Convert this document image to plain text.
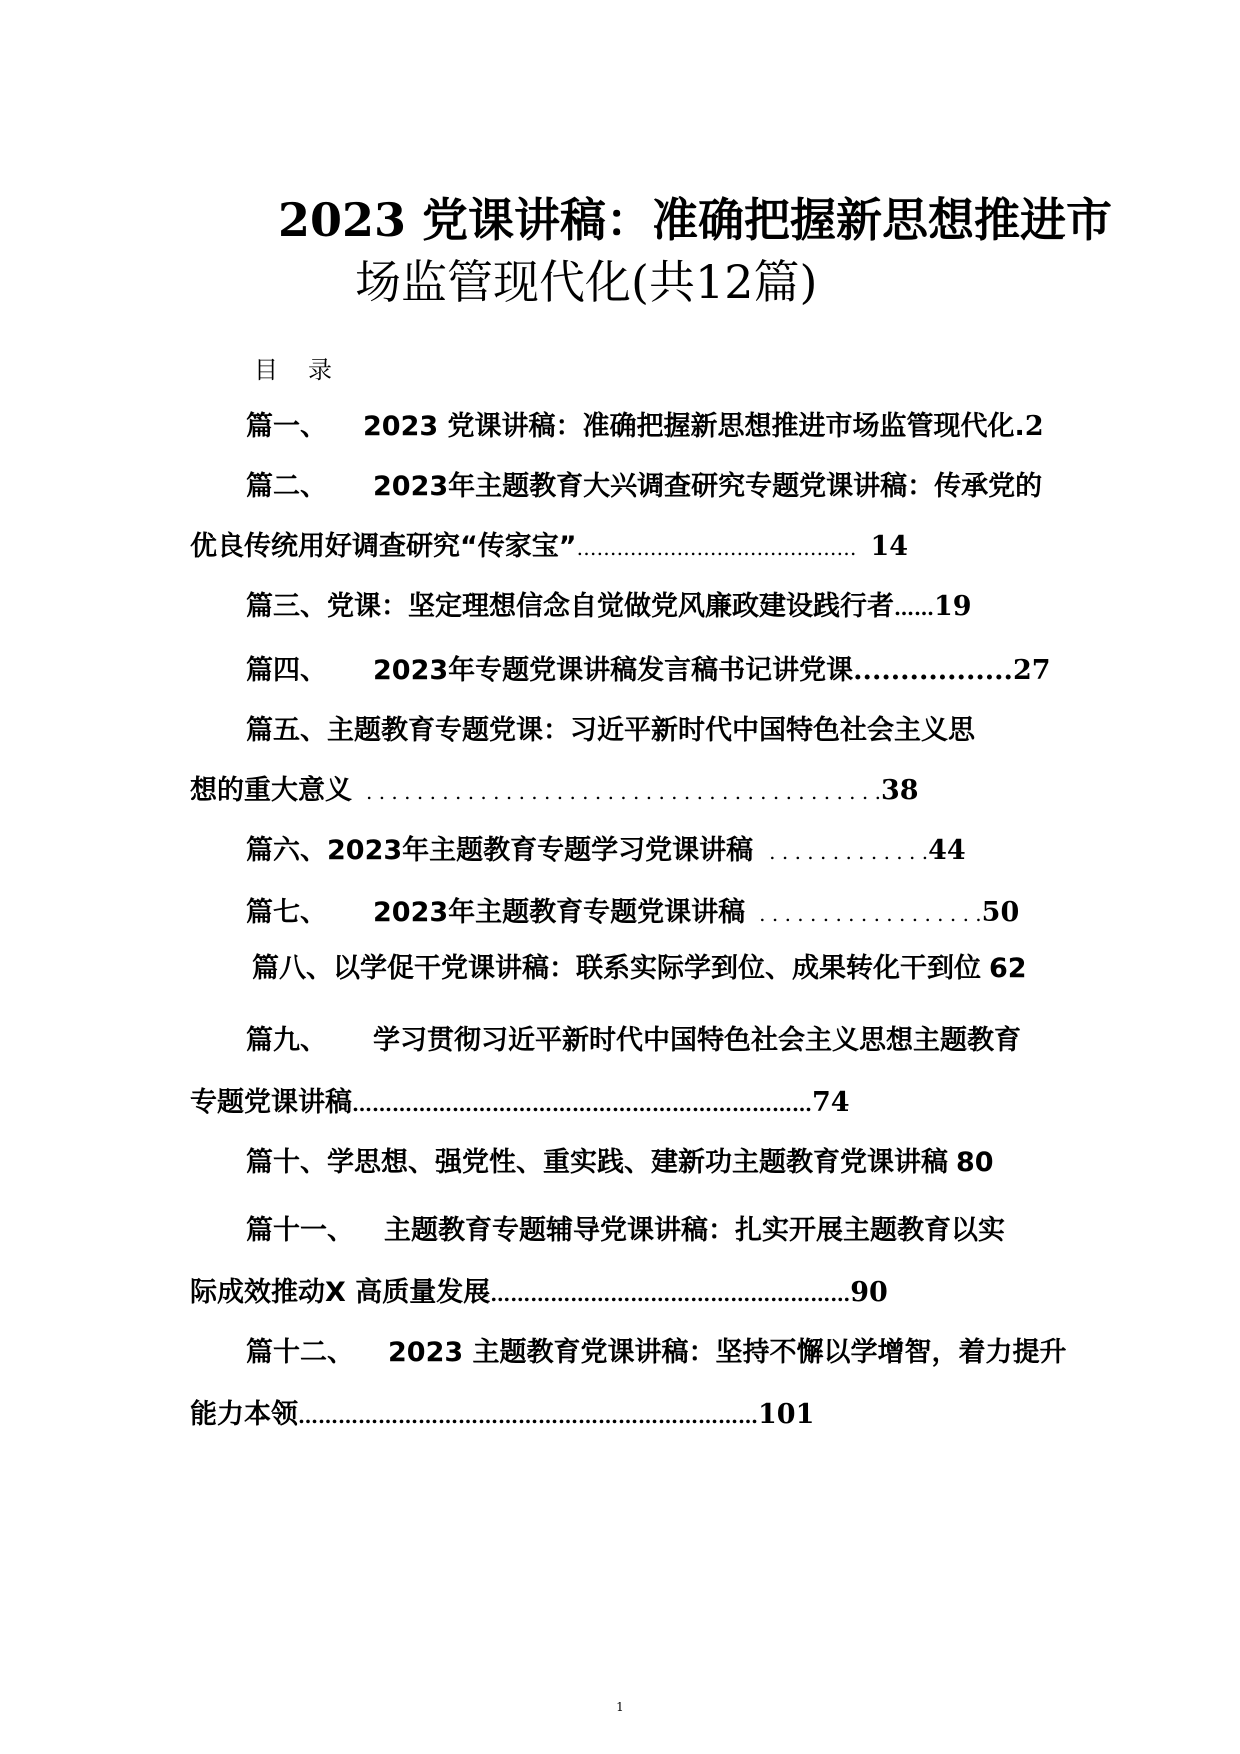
2023 党课讲稿：准确把握新思想推进市
场监管现代化(共12篇)
目录
篇一、 2023 党课讲稿：准确把握新思想推进市场监管现代化.2
篇二、 2023年主题教育大兴调查研究专题党课讲稿：传承党的
优良传统用好调查研究“传家宝”…………………………………… 14
篇三、党课：坚定理想信念自觉做党风廉政建设践行者……19
篇四、 2023年专题党课讲稿发言稿书记讲党课.................27
篇五、主题教育专题党课：习近平新时代中国特色社会主义思
想的重大意义 . . . . . . . . . . . . . . . . . . . . . . . . . . . . . . . . . . . . . . . . .38
篇六、2023年主题教育专题学习党课讲稿 . . . . . . . . . . . . .44
篇七、 2023年主题教育专题党课讲稿 . . . . . . . . . . . . . . . . . .50
篇八、以学促干党课讲稿：联系实际学到位、成果转化干到位 62
篇九、 学习贯彻习近平新时代中国特色社会主义思想主题教育
专题党课讲稿……………………………………………………………74
篇十、学思想、强党性、重实践、建新功主题教育党课讲稿 80
篇十一、 主题教育专题辅导党课讲稿：扎实开展主题教育以实
际成效推动X 高质量发展………………………………………………90
篇十二、 2023 主题教育党课讲稿：坚持不懈以学增智，着力提升
能力本领……………………………………………………………101
1
